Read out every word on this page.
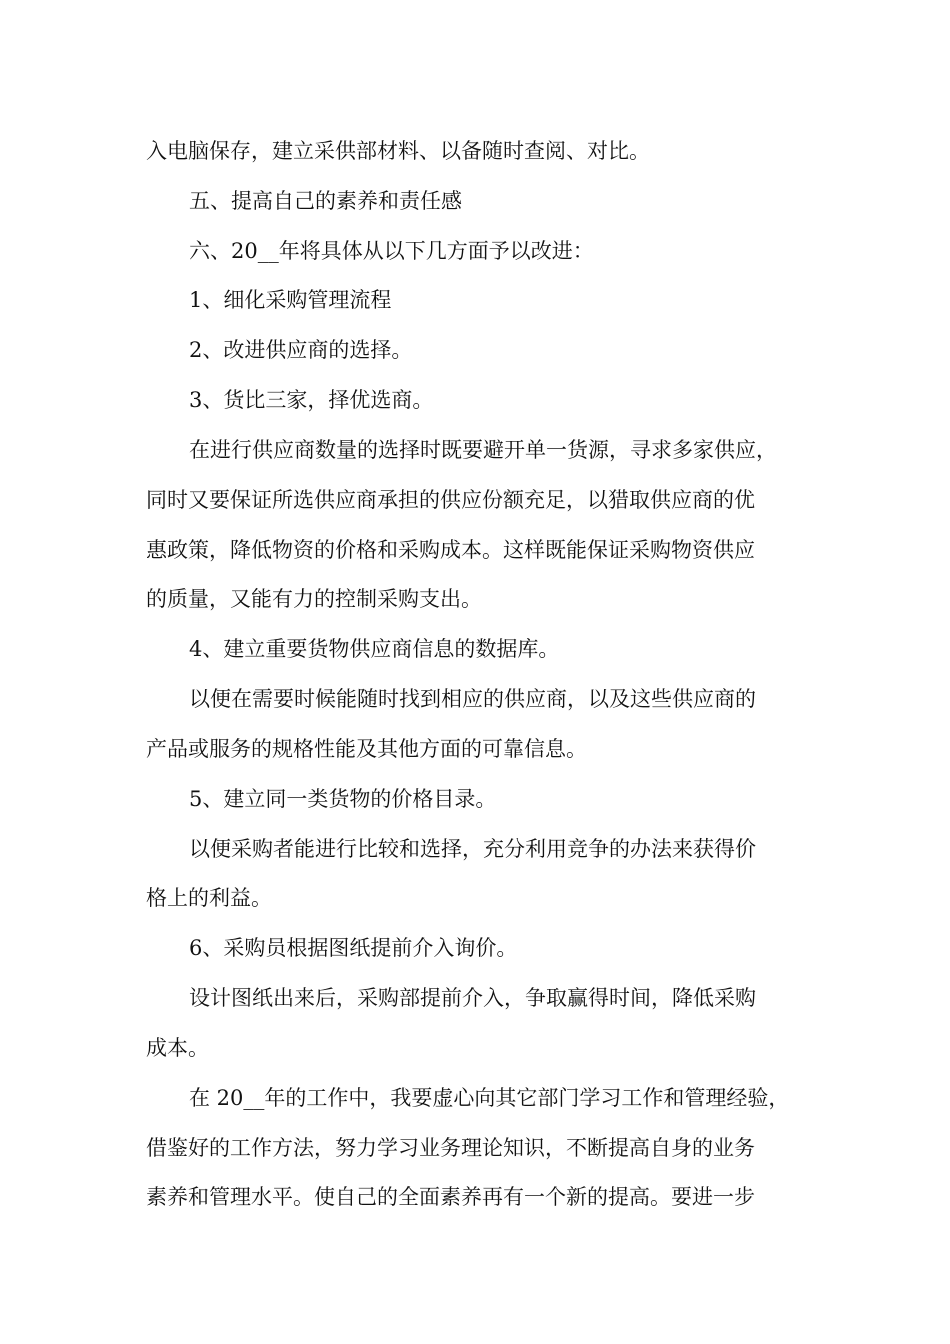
入电脑保存，建立采供部材料、以备随时查阅、对比。
五、提高自己的素养和责任感
六、20__年将具体从以下几方面予以改进：
1、细化采购管理流程
2、改进供应商的选择。
3、货比三家，择优选商。
在进行供应商数量的选择时既要避开单一货源，寻求多家供应，
同时又要保证所选供应商承担的供应份额充足，以猎取供应商的优
惠政策，降低物资的价格和采购成本。这样既能保证采购物资供应
的质量，又能有力的控制采购支出。
4、建立重要货物供应商信息的数据库。
以便在需要时候能随时找到相应的供应商，以及这些供应商的
产品或服务的规格性能及其他方面的可靠信息。
5、建立同一类货物的价格目录。
以便采购者能进行比较和选择，充分利用竞争的办法来获得价
格上的利益。
6、采购员根据图纸提前介入询价。
设计图纸出来后，采购部提前介入，争取赢得时间，降低采购
成本。
在 20__年的工作中，我要虚心向其它部门学习工作和管理经验，
借鉴好的工作方法，努力学习业务理论知识，不断提高自身的业务
素养和管理水平。使自己的全面素养再有一个新的提高。要进一步
